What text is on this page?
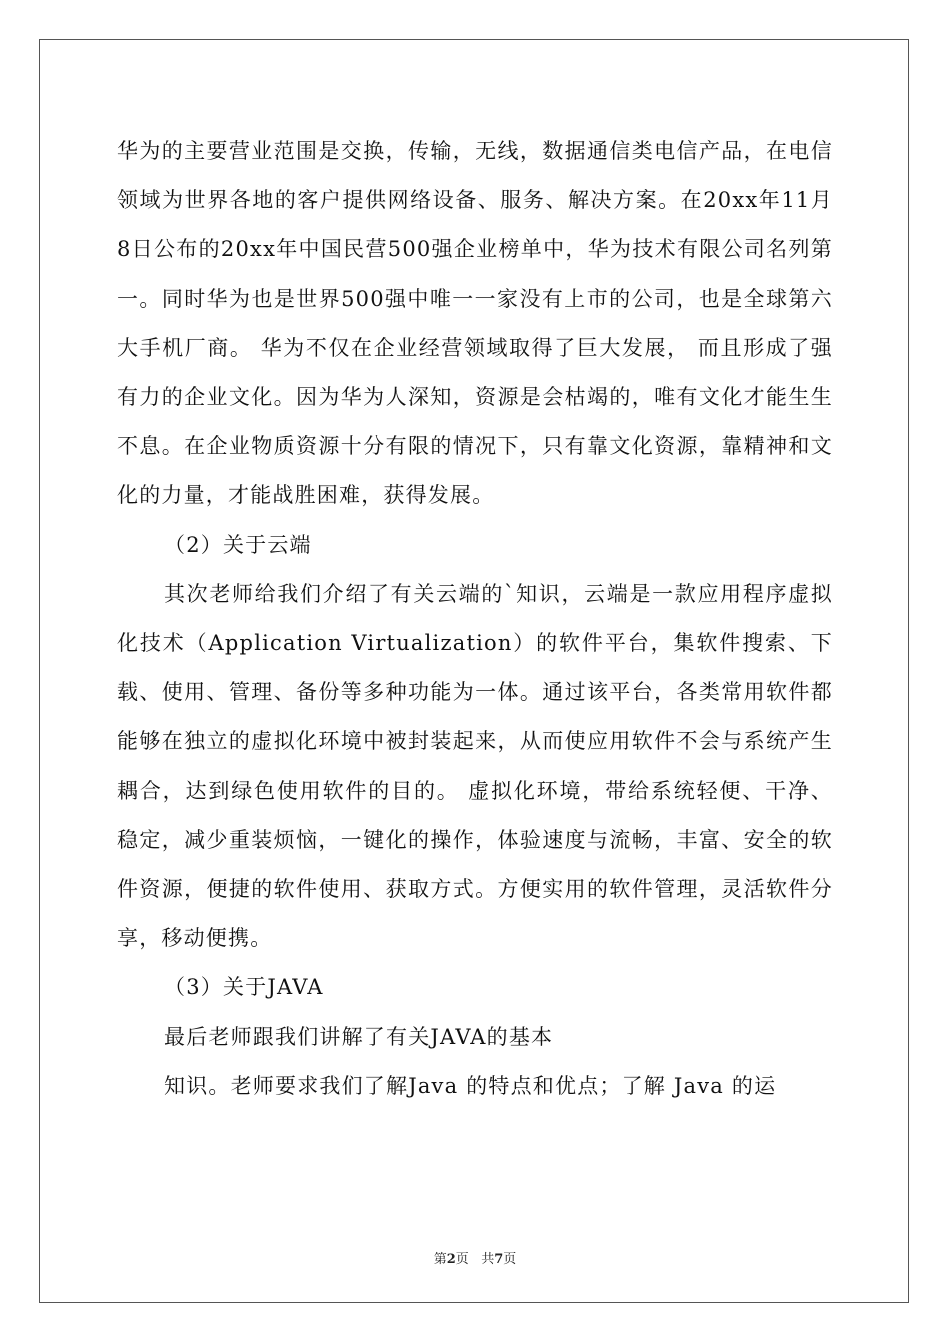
华为的主要营业范围是交换，传输，无线，数据通信类电信产品，在电信领域为世界各地的客户提供网络设备、服务、解决方案。在20xx年11月8日公布的20xx年中国民营500强企业榜单中，华为技术有限公司名列第一。同时华为也是世界500强中唯一一家没有上市的公司，也是全球第六大手机厂商。 华为不仅在企业经营领域取得了巨大发展， 而且形成了强有力的企业文化。因为华为人深知，资源是会枯竭的，唯有文化才能生生不息。在企业物质资源十分有限的情况下，只有靠文化资源，靠精神和文化的力量，才能战胜困难，获得发展。

（2）关于云端

其次老师给我们介绍了有关云端的`知识，云端是一款应用程序虚拟化技术（Application Virtualization）的软件平台，集软件搜索、下载、使用、管理、备份等多种功能为一体。通过该平台，各类常用软件都能够在独立的虚拟化环境中被封装起来，从而使应用软件不会与系统产生耦合，达到绿色使用软件的目的。 虚拟化环境，带给系统轻便、干净、稳定，减少重装烦恼，一键化的操作，体验速度与流畅，丰富、安全的软件资源，便捷的软件使用、获取方式。方便实用的软件管理，灵活软件分享，移动便携。

（3）关于JAVA

最后老师跟我们讲解了有关JAVA的基本

知识。老师要求我们了解Java 的特点和优点；了解 Java 的运

第2页 共7页
